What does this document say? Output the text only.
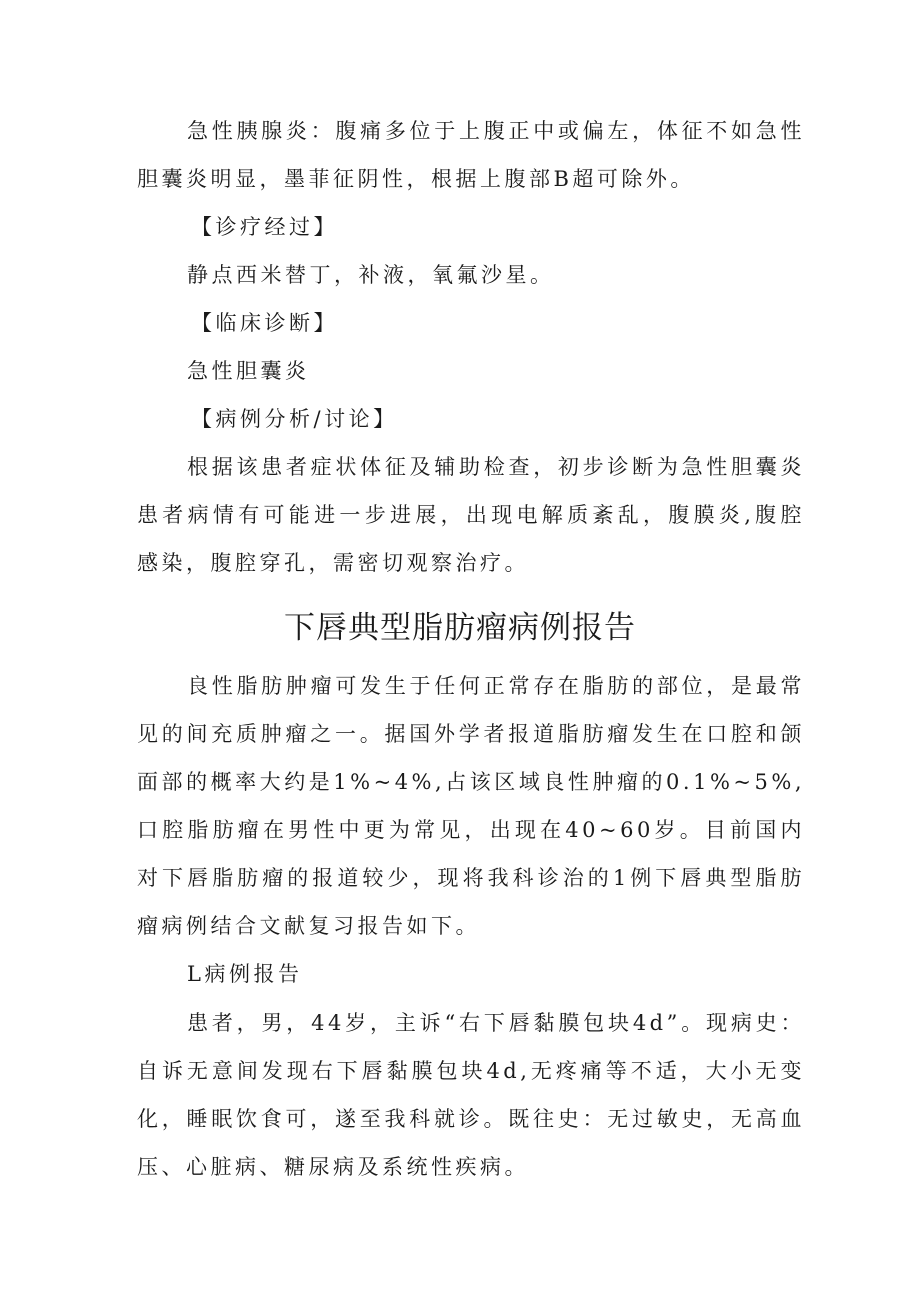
急性胰腺炎：腹痛多位于上腹正中或偏左，体征不如急性胆囊炎明显，墨菲征阴性，根据上腹部B超可除外。

【诊疗经过】

静点西米替丁，补液，氧氟沙星。

【临床诊断】

急性胆囊炎

【病例分析/讨论】

根据该患者症状体征及辅助检查，初步诊断为急性胆囊炎患者病情有可能进一步进展，出现电解质紊乱，腹膜炎,腹腔感染，腹腔穿孔，需密切观察治疗。

下唇典型脂肪瘤病例报告

良性脂肪肿瘤可发生于任何正常存在脂肪的部位，是最常见的间充质肿瘤之一。据国外学者报道脂肪瘤发生在口腔和颌面部的概率大约是1%~4%,占该区域良性肿瘤的0.1%~5%,口腔脂肪瘤在男性中更为常见，出现在40~60岁。目前国内对下唇脂肪瘤的报道较少，现将我科诊治的1例下唇典型脂肪瘤病例结合文献复习报告如下。

L病例报告

患者，男，44岁，主诉“右下唇黏膜包块4d”。现病史：自诉无意间发现右下唇黏膜包块4d,无疼痛等不适，大小无变化，睡眠饮食可，遂至我科就诊。既往史：无过敏史，无高血压、心脏病、糖尿病及系统性疾病。
